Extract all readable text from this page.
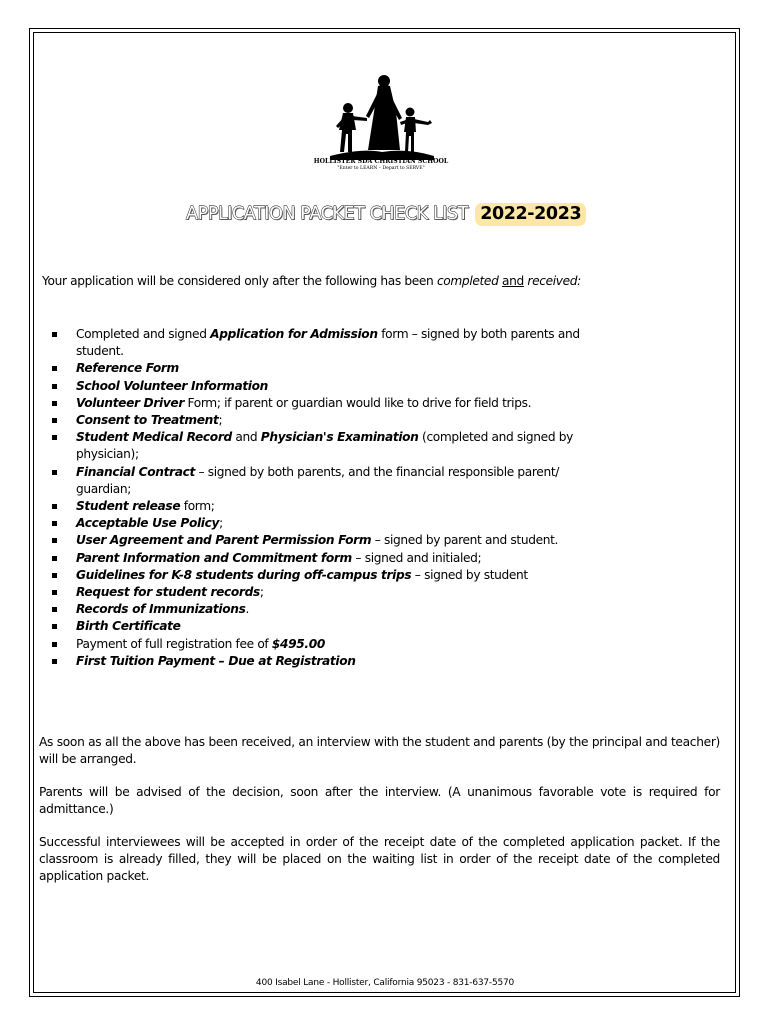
HOLLISTER SDA CHRISTIAN SCHOOL
"Enter to LEARN – Depart to SERVE"
APPLICATION PACKET CHECK LIST 2022-2023
Your application will be considered only after the following has been completed and received:
Completed and signed Application for Admission form – signed by both parents and student.
Reference Form
School Volunteer Information
Volunteer Driver Form; if parent or guardian would like to drive for field trips.
Consent to Treatment;
Student Medical Record and Physician's Examination (completed and signed by physician);
Financial Contract – signed by both parents, and the financial responsible parent/ guardian;
Student release form;
Acceptable Use Policy;
User Agreement and Parent Permission Form – signed by parent and student.
Parent Information and Commitment form – signed and initialed;
Guidelines for K-8 students during off-campus trips – signed by student
Request for student records;
Records of Immunizations.
Birth Certificate
Payment of full registration fee of $495.00
First Tuition Payment – Due at Registration

As soon as all the above has been received, an interview with the student and parents (by the principal and teacher) will be arranged.

Parents will be advised of the decision, soon after the interview. (A unanimous favorable vote is required for admittance.)

Successful interviewees will be accepted in order of the receipt date of the completed application packet. If the classroom is already filled, they will be placed on the waiting list in order of the receipt date of the completed application packet.

400 Isabel Lane - Hollister, California 95023 - 831-637-5570
